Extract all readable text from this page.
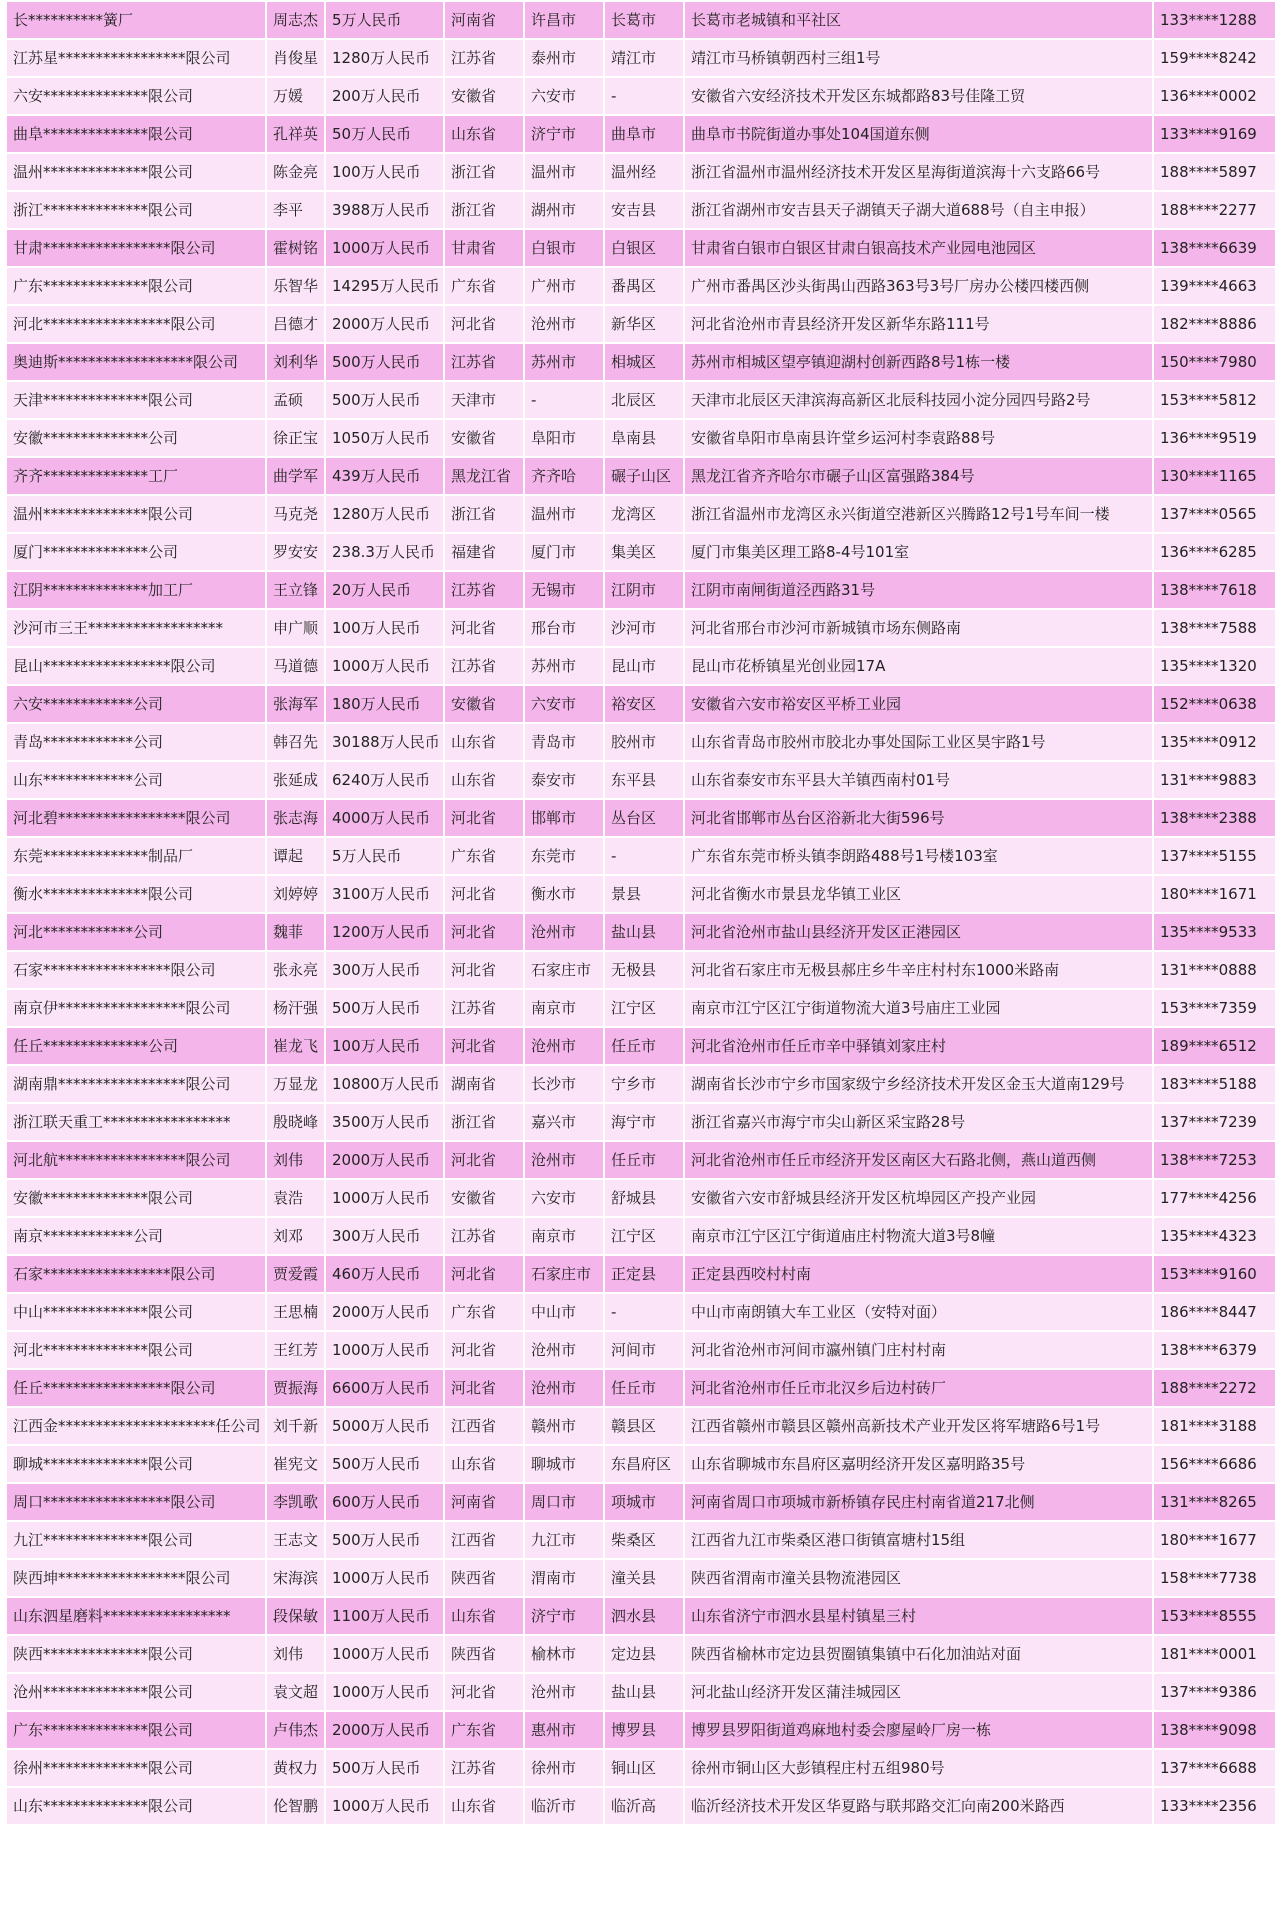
长**********簧厂	周志杰	5万人民币	河南省	许昌市	长葛市	长葛市老城镇和平社区	133****1288
江苏星*****************限公司	肖俊星	1280万人民币	江苏省	泰州市	靖江市	靖江市马桥镇朝西村三组1号	159****8242
六安**************限公司	万媛	200万人民币	安徽省	六安市	-	安徽省六安经济技术开发区东城都路83号佳隆工贸	136****0002
曲阜**************限公司	孔祥英	50万人民币	山东省	济宁市	曲阜市	曲阜市书院街道办事处104国道东侧	133****9169
温州**************限公司	陈金亮	100万人民币	浙江省	温州市	温州经	浙江省温州市温州经济技术开发区星海街道滨海十六支路66号	188****5897
浙江**************限公司	李平	3988万人民币	浙江省	湖州市	安吉县	浙江省湖州市安吉县天子湖镇天子湖大道688号（自主申报）	188****2277
甘肃*****************限公司	霍树铭	1000万人民币	甘肃省	白银市	白银区	甘肃省白银市白银区甘肃白银高技术产业园电池园区	138****6639
广东**************限公司	乐智华	14295万人民币	广东省	广州市	番禺区	广州市番禺区沙头街禺山西路363号3号厂房办公楼四楼西侧	139****4663
河北*****************限公司	吕德才	2000万人民币	河北省	沧州市	新华区	河北省沧州市青县经济开发区新华东路111号	182****8886
奥迪斯******************限公司	刘利华	500万人民币	江苏省	苏州市	相城区	苏州市相城区望亭镇迎湖村创新西路8号1栋一楼	150****7980
天津**************限公司	孟硕	500万人民币	天津市	-	北辰区	天津市北辰区天津滨海高新区北辰科技园小淀分园四号路2号	153****5812
安徽**************公司	徐正宝	1050万人民币	安徽省	阜阳市	阜南县	安徽省阜阳市阜南县许堂乡运河村李袁路88号	136****9519
齐齐**************工厂	曲学军	439万人民币	黑龙江省	齐齐哈	碾子山区	黑龙江省齐齐哈尔市碾子山区富强路384号	130****1165
温州**************限公司	马克尧	1280万人民币	浙江省	温州市	龙湾区	浙江省温州市龙湾区永兴街道空港新区兴腾路12号1号车间一楼	137****0565
厦门**************公司	罗安安	238.3万人民币	福建省	厦门市	集美区	厦门市集美区理工路8-4号101室	136****6285
江阴**************加工厂	王立锋	20万人民币	江苏省	无锡市	江阴市	江阴市南闸街道泾西路31号	138****7618
沙河市三王******************	申广顺	100万人民币	河北省	邢台市	沙河市	河北省邢台市沙河市新城镇市场东侧路南	138****7588
昆山*****************限公司	马道德	1000万人民币	江苏省	苏州市	昆山市	昆山市花桥镇星光创业园17A	135****1320
六安************公司	张海军	180万人民币	安徽省	六安市	裕安区	安徽省六安市裕安区平桥工业园	152****0638
青岛************公司	韩召先	30188万人民币	山东省	青岛市	胶州市	山东省青岛市胶州市胶北办事处国际工业区昊宇路1号	135****0912
山东************公司	张延成	6240万人民币	山东省	泰安市	东平县	山东省泰安市东平县大羊镇西南村01号	131****9883
河北碧*****************限公司	张志海	4000万人民币	河北省	邯郸市	丛台区	河北省邯郸市丛台区浴新北大街596号	138****2388
东莞**************制品厂	谭起	5万人民币	广东省	东莞市	-	广东省东莞市桥头镇李朗路488号1号楼103室	137****5155
衡水**************限公司	刘婷婷	3100万人民币	河北省	衡水市	景县	河北省衡水市景县龙华镇工业区	180****1671
河北************公司	魏菲	1200万人民币	河北省	沧州市	盐山县	河北省沧州市盐山县经济开发区正港园区	135****9533
石家*****************限公司	张永亮	300万人民币	河北省	石家庄市	无极县	河北省石家庄市无极县郝庄乡牛辛庄村村东1000米路南	131****0888
南京伊*****************限公司	杨汗强	500万人民币	江苏省	南京市	江宁区	南京市江宁区江宁街道物流大道3号庙庄工业园	153****7359
任丘**************公司	崔龙飞	100万人民币	河北省	沧州市	任丘市	河北省沧州市任丘市辛中驿镇刘家庄村	189****6512
湖南鼎*****************限公司	万显龙	10800万人民币	湖南省	长沙市	宁乡市	湖南省长沙市宁乡市国家级宁乡经济技术开发区金玉大道南129号	183****5188
浙江联天重工*****************	殷晓峰	3500万人民币	浙江省	嘉兴市	海宁市	浙江省嘉兴市海宁市尖山新区采宝路28号	137****7239
河北航*****************限公司	刘伟	2000万人民币	河北省	沧州市	任丘市	河北省沧州市任丘市经济开发区南区大石路北侧，燕山道西侧	138****7253
安徽**************限公司	袁浩	1000万人民币	安徽省	六安市	舒城县	安徽省六安市舒城县经济开发区杭埠园区产投产业园	177****4256
南京************公司	刘邓	300万人民币	江苏省	南京市	江宁区	南京市江宁区江宁街道庙庄村物流大道3号8幢	135****4323
石家*****************限公司	贾爱霞	460万人民币	河北省	石家庄市	正定县	正定县西咬村村南	153****9160
中山**************限公司	王思楠	2000万人民币	广东省	中山市	-	中山市南朗镇大车工业区（安特对面）	186****8447
河北**************限公司	王红芳	1000万人民币	河北省	沧州市	河间市	河北省沧州市河间市瀛州镇门庄村村南	138****6379
任丘*****************限公司	贾振海	6600万人民币	河北省	沧州市	任丘市	河北省沧州市任丘市北汉乡后边村砖厂	188****2272
江西金*********************任公司	刘千新	5000万人民币	江西省	赣州市	赣县区	江西省赣州市赣县区赣州高新技术产业开发区将军塘路6号1号	181****3188
聊城**************限公司	崔宪文	500万人民币	山东省	聊城市	东昌府区	山东省聊城市东昌府区嘉明经济开发区嘉明路35号	156****6686
周口*****************限公司	李凯歌	600万人民币	河南省	周口市	项城市	河南省周口市项城市新桥镇存民庄村南省道217北侧	131****8265
九江**************限公司	王志文	500万人民币	江西省	九江市	柴桑区	江西省九江市柴桑区港口街镇富塘村15组	180****1677
陕西坤*****************限公司	宋海滨	1000万人民币	陕西省	渭南市	潼关县	陕西省渭南市潼关县物流港园区	158****7738
山东泗星磨料*****************	段保敏	1100万人民币	山东省	济宁市	泗水县	山东省济宁市泗水县星村镇星三村	153****8555
陕西**************限公司	刘伟	1000万人民币	陕西省	榆林市	定边县	陕西省榆林市定边县贺圈镇集镇中石化加油站对面	181****0001
沧州**************限公司	袁文超	1000万人民币	河北省	沧州市	盐山县	河北盐山经济开发区蒲洼城园区	137****9386
广东**************限公司	卢伟杰	2000万人民币	广东省	惠州市	博罗县	博罗县罗阳街道鸡麻地村委会廖屋岭厂房一栋	138****9098
徐州**************限公司	黄权力	500万人民币	江苏省	徐州市	铜山区	徐州市铜山区大彭镇程庄村五组980号	137****6688
山东**************限公司	伦智鹏	1000万人民币	山东省	临沂市	临沂高	临沂经济技术开发区华夏路与联邦路交汇向南200米路西	133****2356
